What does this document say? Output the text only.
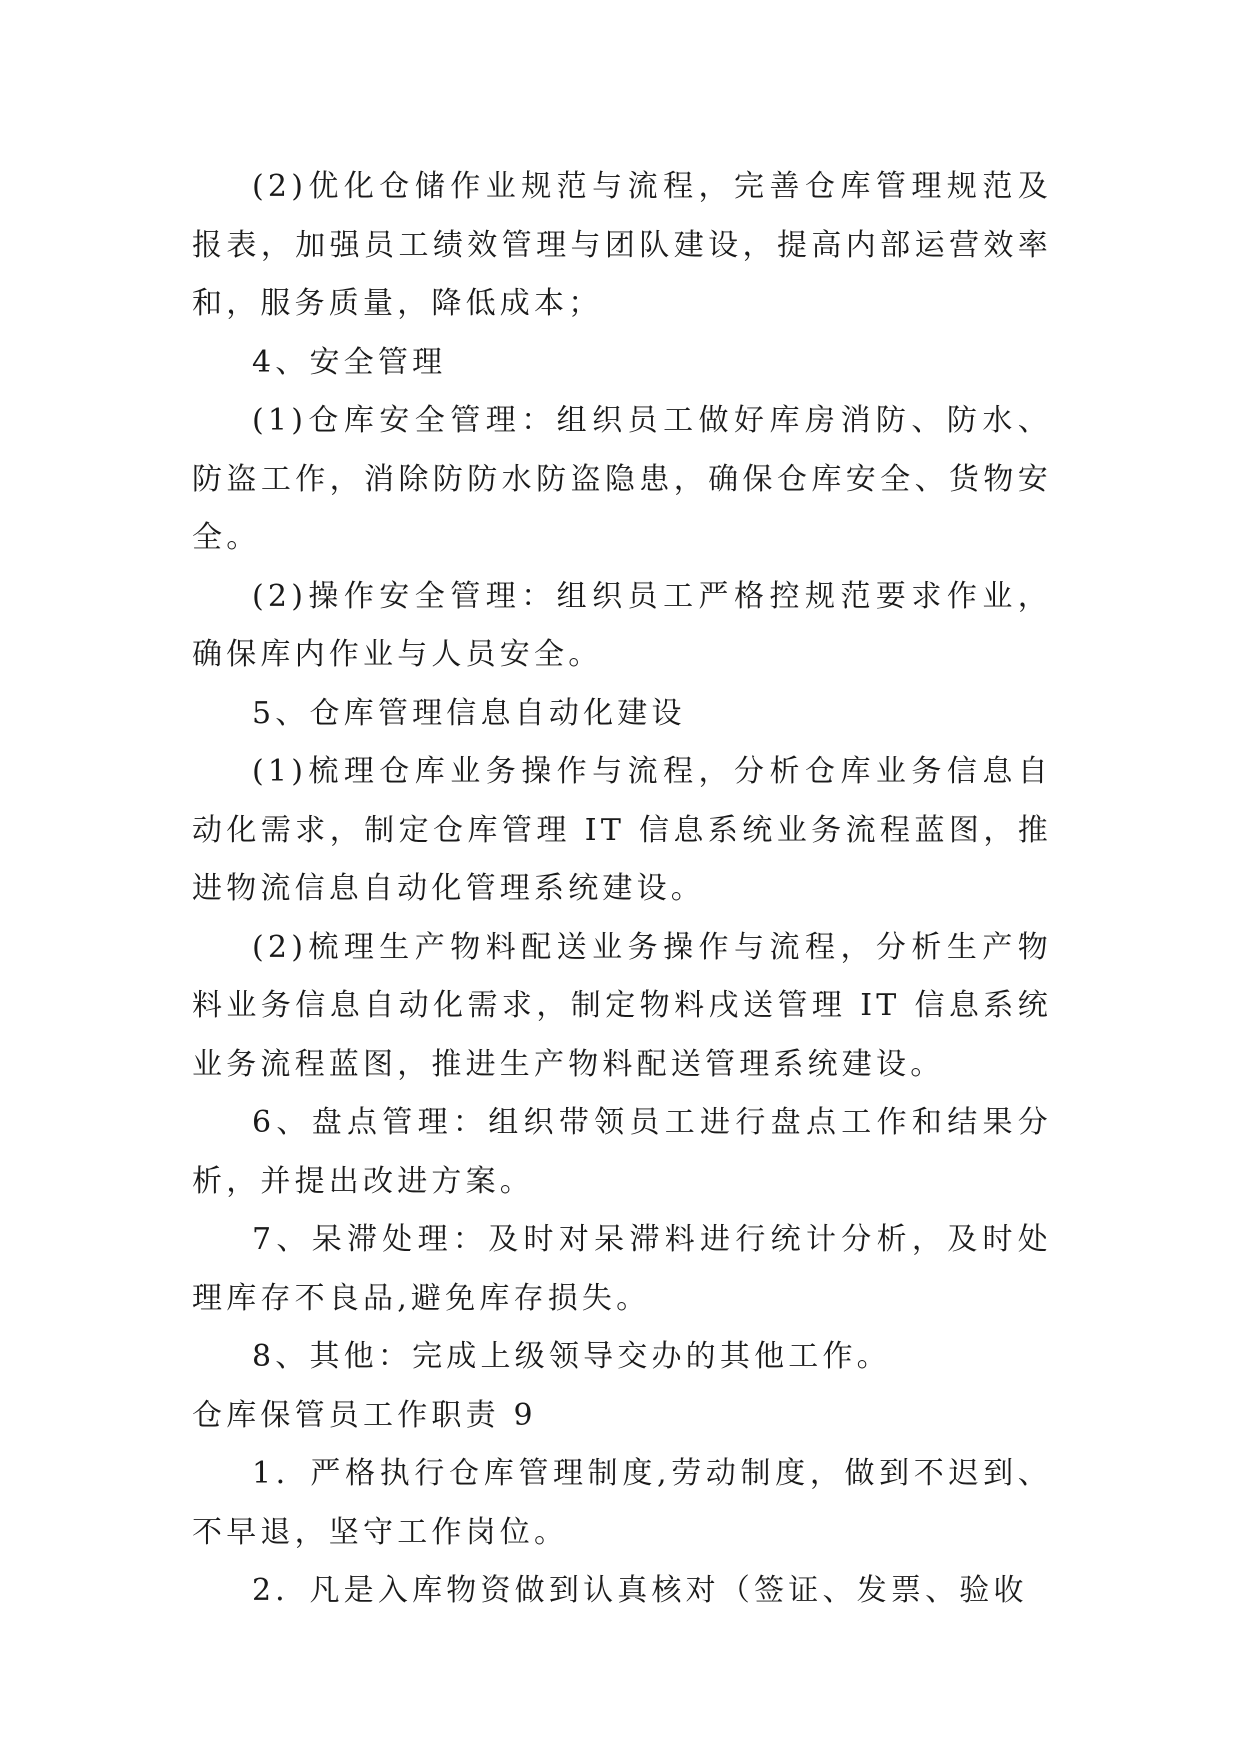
(2)优化仓储作业规范与流程，完善仓库管理规范及报表，加强员工绩效管理与团队建设，提高内部运营效率和，服务质量，降低成本；

4、安全管理

(1)仓库安全管理：组织员工做好库房消防、防水、防盗工作，消除防防水防盗隐患，确保仓库安全、货物安全。

(2)操作安全管理：组织员工严格控规范要求作业，确保库内作业与人员安全。

5、仓库管理信息自动化建设

(1)梳理仓库业务操作与流程，分析仓库业务信息自动化需求，制定仓库管理 IT 信息系统业务流程蓝图，推进物流信息自动化管理系统建设。

(2)梳理生产物料配送业务操作与流程，分析生产物料业务信息自动化需求，制定物料戌送管理 IT 信息系统业务流程蓝图，推进生产物料配送管理系统建设。

6、盘点管理：组织带领员工进行盘点工作和结果分析，并提出改进方案。

7、呆滞处理：及时对呆滞料进行统计分析，及时处理库存不良品,避免库存损失。

8、其他：完成上级领导交办的其他工作。

仓库保管员工作职责 9

1．严格执行仓库管理制度,劳动制度，做到不迟到、不早退，坚守工作岗位。

2．凡是入库物资做到认真核对（签证、发票、验收
